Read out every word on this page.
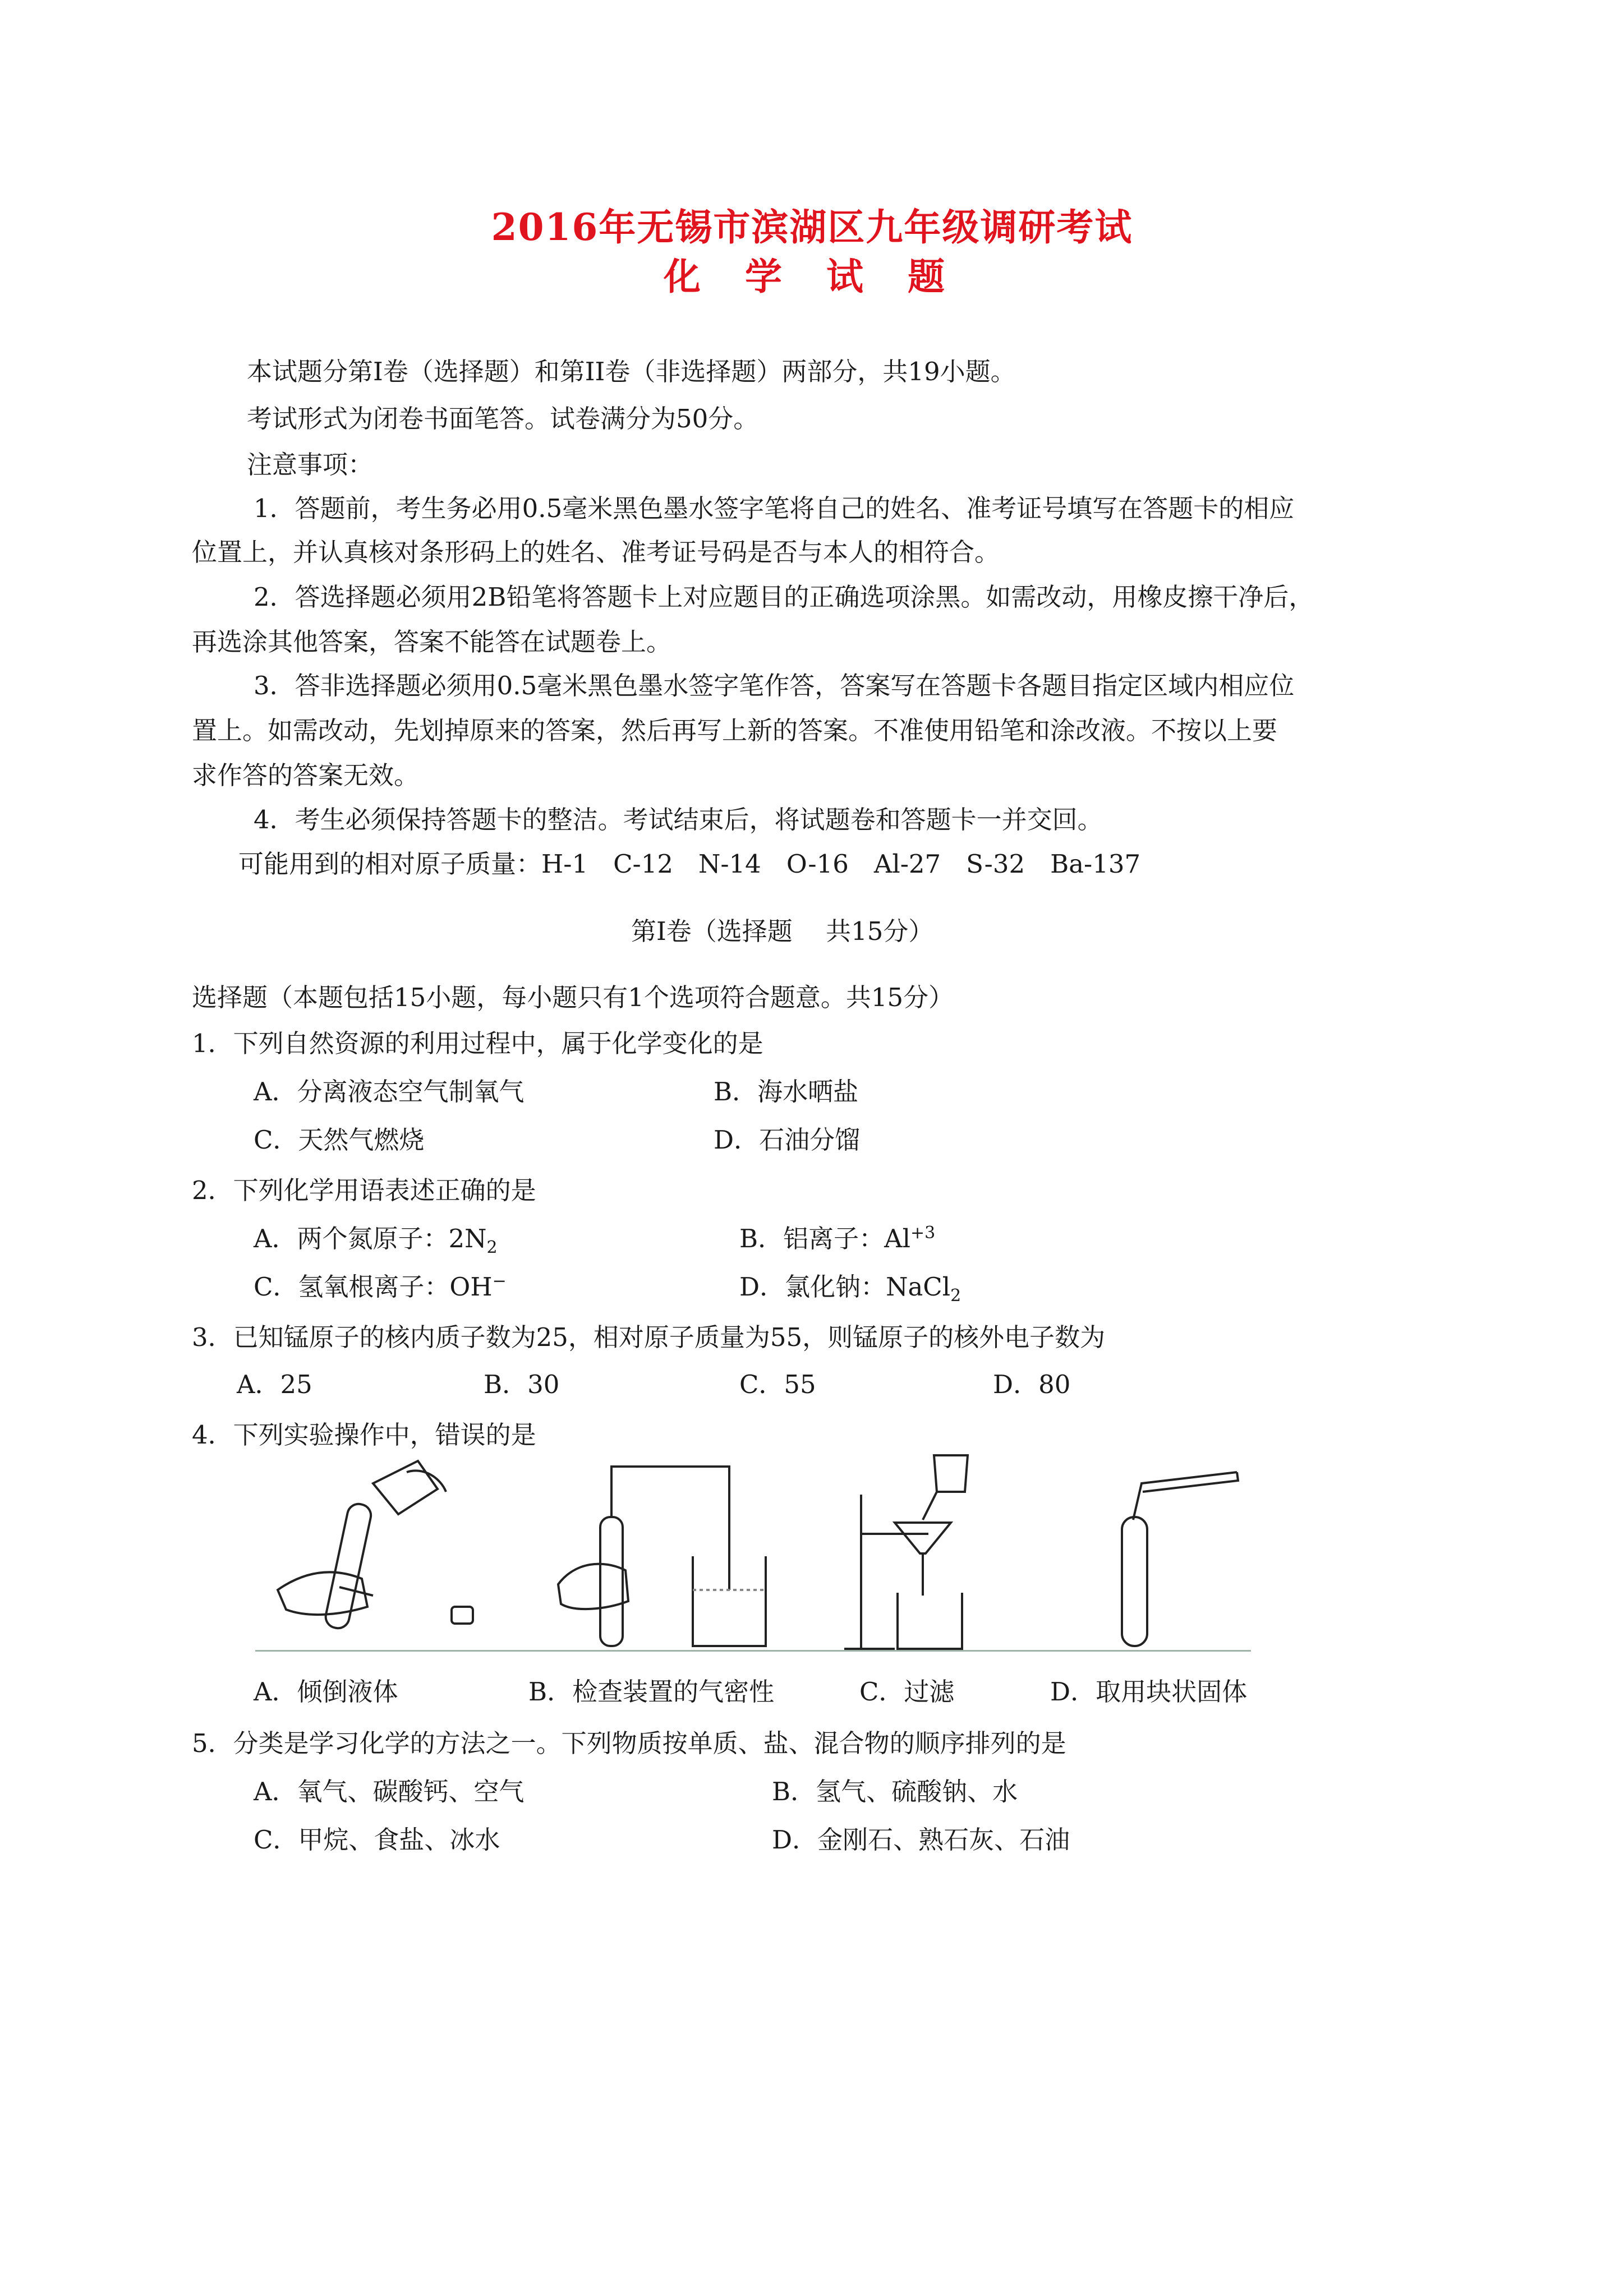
2016年无锡市滨湖区九年级调研考试
化 学 试 题
本试题分第Ⅰ卷（选择题）和第II卷（非选择题）两部分，共19小题。
考试形式为闭卷书面笔答。试卷满分为50分。
注意事项：
1．答题前，考生务必用0.5毫米黑色墨水签字笔将自己的姓名、准考证号填写在答题卡的相应
位置上，并认真核对条形码上的姓名、准考证号码是否与本人的相符合。
2．答选择题必须用2B铅笔将答题卡上对应题目的正确选项涂黑。如需改动，用橡皮擦干净后，
再选涂其他答案，答案不能答在试题卷上。
3．答非选择题必须用0.5毫米黑色墨水签字笔作答，答案写在答题卡各题目指定区域内相应位
置上。如需改动，先划掉原来的答案，然后再写上新的答案。不准使用铅笔和涂改液。不按以上要
求作答的答案无效。
4．考生必须保持答题卡的整洁。考试结束后，将试题卷和答题卡一并交回。
可能用到的相对原子质量：H-1　C-12　N-14　O-16　Al-27　S-32　Ba-137
第Ⅰ卷（选择题　 共15分）
选择题（本题包括15小题，每小题只有1个选项符合题意。共15分）
1．下列自然资源的利用过程中，属于化学变化的是
A．分离液态空气制氧气	B．海水晒盐
C．天然气燃烧	D．石油分馏
2．下列化学用语表述正确的是
A．两个氮原子：$2N_2$	B．铝离子：$Al^{+3}$
C．氢氧根离子：OH−	D．氯化钠：NaCl$_2$
3．已知锰原子的核内质子数为25，相对原子质量为55，则锰原子的核外电子数为
A．25	B．30	C．55	D．80
4．下列实验操作中，错误的是
A．倾倒液体	B．检查装置的气密性	C．过滤	D．取用块状固体
5．分类是学习化学的方法之一。下列物质按单质、盐、混合物的顺序排列的是
A．氧气、碳酸钙、空气	B．氢气、硫酸钠、水
C．甲烷、食盐、冰水	D．金刚石、熟石灰、石油
